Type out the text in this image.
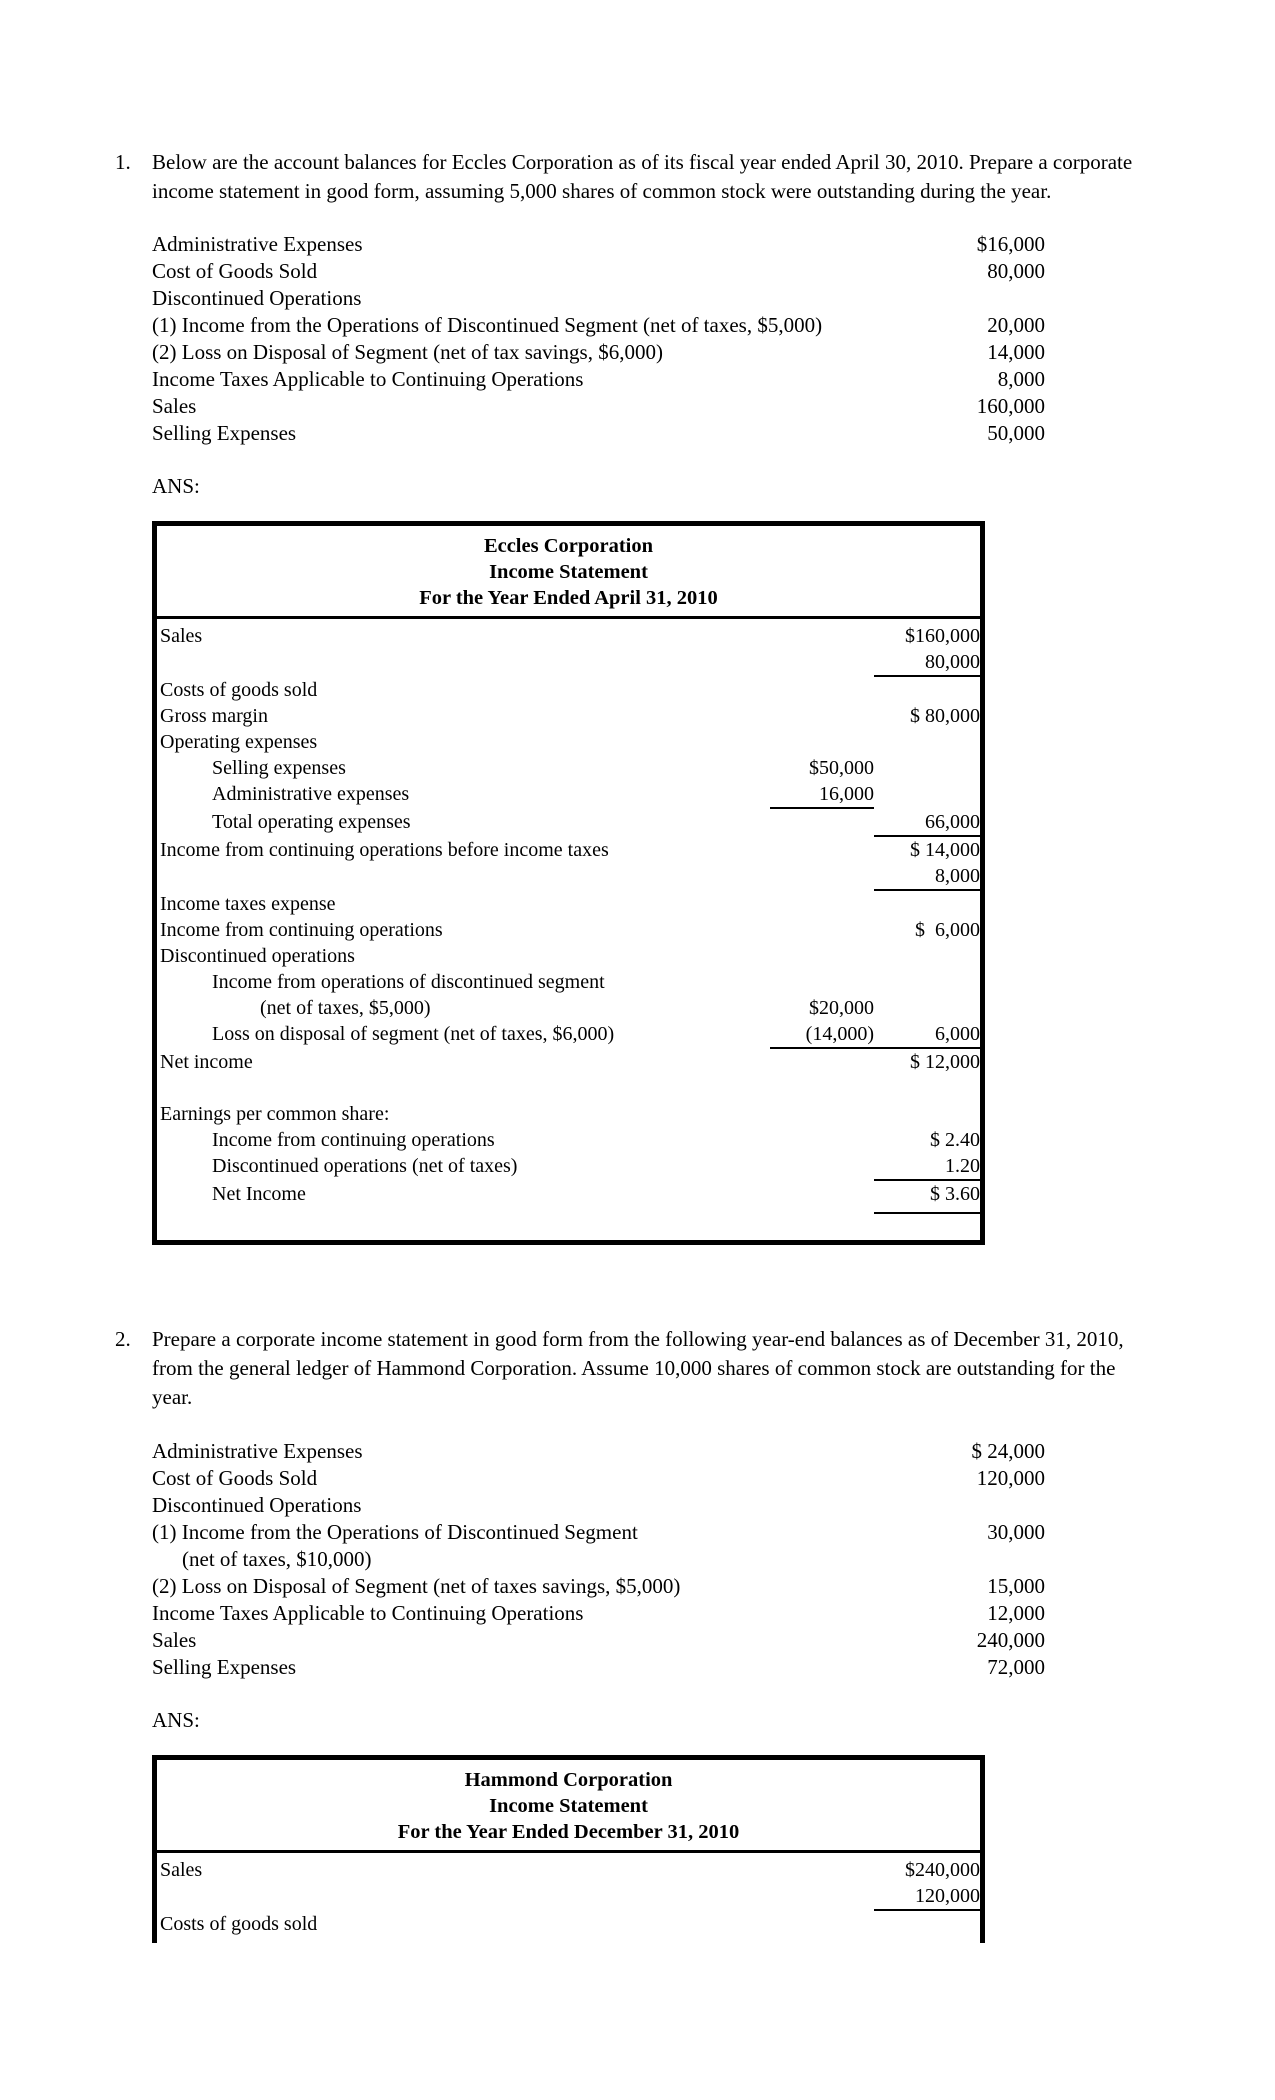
1.	Below are the account balances for Eccles Corporation as of its fiscal year ended April 30, 2010. Prepare a corporate income statement in good form, assuming 5,000 shares of common stock were outstanding during the year.
Administrative Expenses	$16,000
Cost of Goods Sold	80,000
Discontinued Operations
(1) Income from the Operations of Discontinued Segment (net of taxes, $5,000)	20,000
(2) Loss on Disposal of Segment (net of tax savings, $6,000)	14,000
Income Taxes Applicable to Continuing Operations	8,000
Sales	160,000
Selling Expenses	50,000
ANS:
Eccles Corporation
Income Statement
For the Year Ended April 31, 2010
Sales	$160,000
80,000
Costs of goods sold
Gross margin	$ 80,000
Operating expenses
Selling expenses	$50,000
Administrative expenses	16,000
Total operating expenses	66,000
Income from continuing operations before income taxes	$ 14,000
8,000
Income taxes expense
Income from continuing operations	$  6,000
Discontinued operations
Income from operations of discontinued segment
(net of taxes, $5,000)	$20,000
Loss on disposal of segment (net of taxes, $6,000)	(14,000)	6,000
Net income	$ 12,000
Earnings per common share:
Income from continuing operations	$ 2.40
Discontinued operations (net of taxes)	1.20
Net Income	$ 3.60
2.	Prepare a corporate income statement in good form from the following year-end balances as of December 31, 2010, from the general ledger of Hammond Corporation. Assume 10,000 shares of common stock are outstanding for the year.
Administrative Expenses	$ 24,000
Cost of Goods Sold	120,000
Discontinued Operations
(1) Income from the Operations of Discontinued Segment	30,000
(net of taxes, $10,000)
(2) Loss on Disposal of Segment (net of taxes savings, $5,000)	15,000
Income Taxes Applicable to Continuing Operations	12,000
Sales	240,000
Selling Expenses	72,000
ANS:
Hammond Corporation
Income Statement
For the Year Ended December 31, 2010
Sales	$240,000
120,000
Costs of goods sold
